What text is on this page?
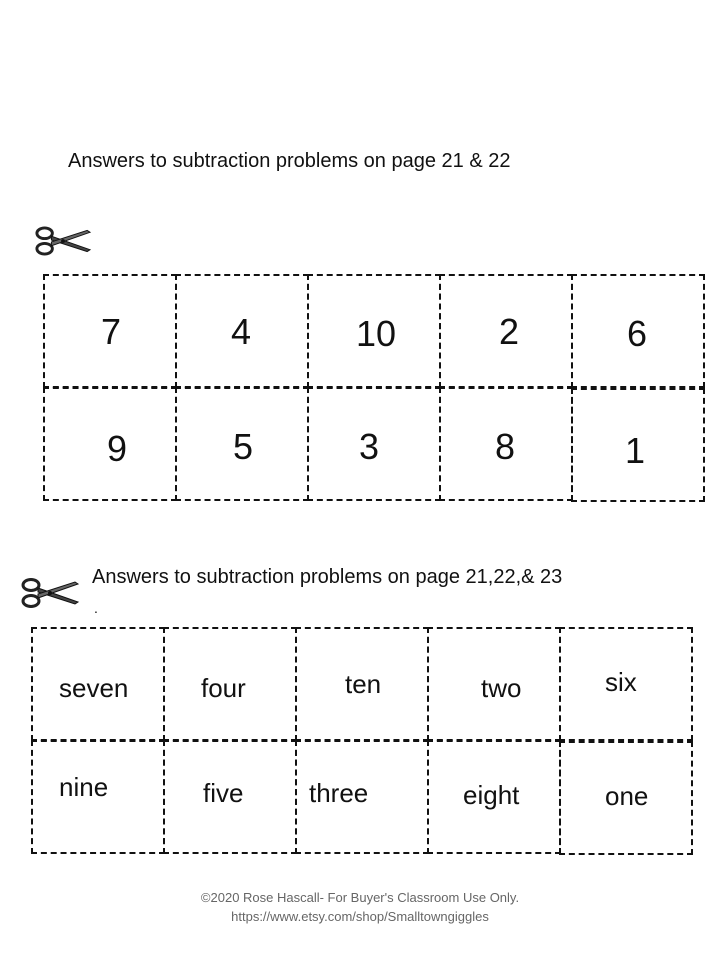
Answers to subtraction problems on page 21 & 22
7	4	10	2	6
9	5	3	8	1
Answers to subtraction problems on page 21,22,& 23
.
seven	four	ten	two	six
nine	five	three	eight	one
©2020 Rose Hascall- For Buyer's Classroom Use Only.
https://www.etsy.com/shop/Smalltowngiggles
